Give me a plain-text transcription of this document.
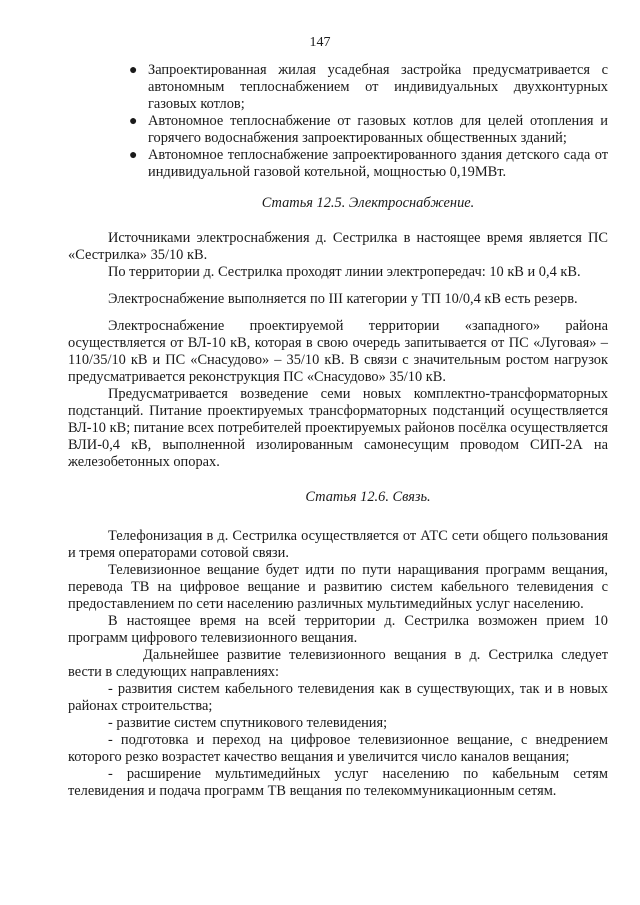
147
● Запроектированная жилая усадебная застройка предусматривается с автономным теплоснабжением от индивидуальных двухконтурных газовых котлов;
● Автономное теплоснабжение от газовых котлов для целей отопления и горячего водоснабжения запроектированных общественных зданий;
● Автономное теплоснабжение запроектированного здания детского сада от индивидуальной газовой котельной, мощностью 0,19МВт.
Статья 12.5. Электроснабжение.

Источниками электроснабжения д. Сестрилка в настоящее время является ПС «Сестрилка» 35/10 кВ.

По территории д. Сестрилка проходят линии электропередач: 10 кВ и 0,4 кВ.

Электроснабжение выполняется по III категории у ТП 10/0,4 кВ есть резерв.

Электроснабжение проектируемой территории «западного» района осуществляется от ВЛ-10 кВ, которая в свою очередь запитывается от ПС «Луговая» –110/35/10 кВ и ПС «Снасудово» – 35/10 кВ. В связи с значительным ростом нагрузок предусматривается реконструкция ПС «Снасудово» 35/10 кВ.

Предусматривается возведение семи новых комплектно-трансформаторных подстанций. Питание проектируемых трансформаторных подстанций осуществляется ВЛ-10 кВ; питание всех потребителей проектируемых районов посёлка осуществляется ВЛИ-0,4 кВ, выполненной изолированным самонесущим проводом СИП-2А на железобетонных опорах.

Статья 12.6. Связь.

Телефонизация в д. Сестрилка осуществляется от АТС сети общего пользования и тремя операторами сотовой связи.

Телевизионное вещание будет идти по пути наращивания программ вещания, перевода ТВ на цифровое вещание и развитию систем кабельного телевидения с предоставлением по сети населению различных мультимедийных услуг населению.

В настоящее время на всей территории д. Сестрилка возможен прием 10 программ цифрового телевизионного вещания.

Дальнейшее развитие телевизионного вещания в д. Сестрилка следует вести в следующих направлениях:

- развития систем кабельного телевидения как в существующих, так и в новых районах строительства;

- развитие систем спутникового телевидения;

- подготовка и переход на цифровое телевизионное вещание, с внедрением которого резко возрастет качество вещания и увеличится число каналов вещания;

- расширение мультимедийных услуг населению по кабельным сетям телевидения и подача программ ТВ вещания по телекоммуникационным сетям.
